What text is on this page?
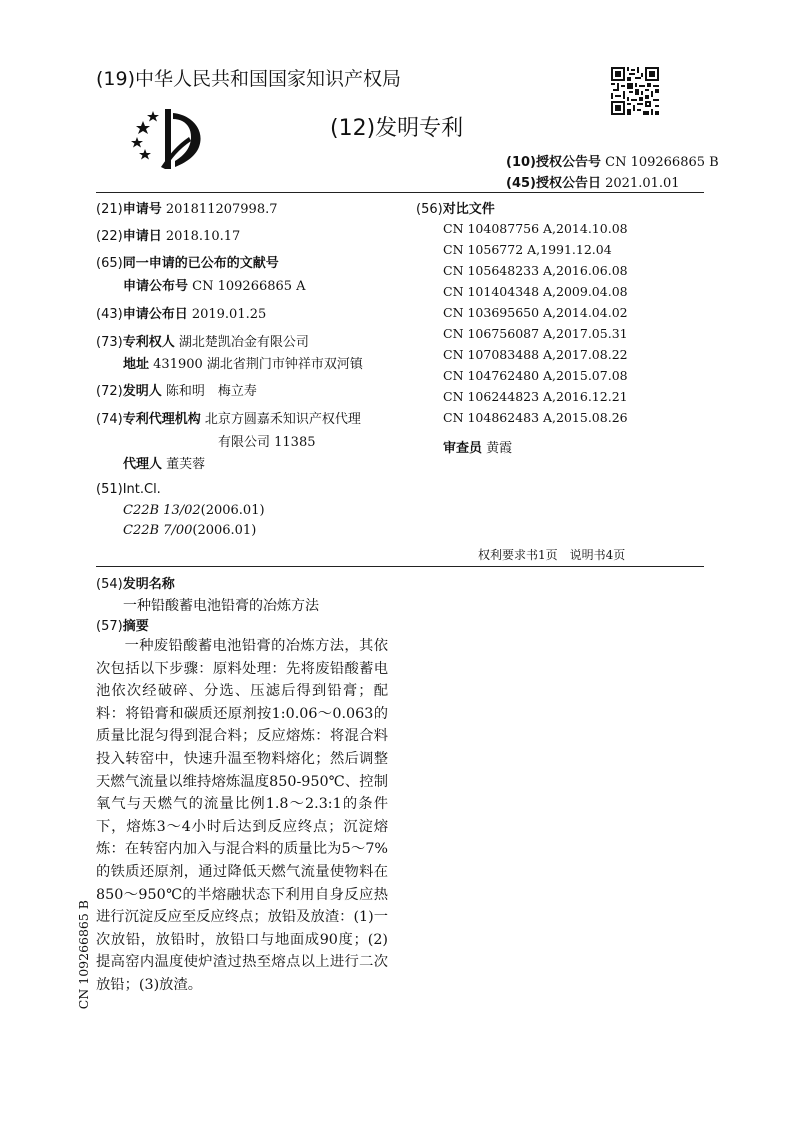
(19)中华人民共和国国家知识产权局
(12)发明专利
(10)授权公告号 CN 109266865 B
(45)授权公告日 2021.01.01
(21)申请号 201811207998.7
(22)申请日 2018.10.17
(65)同一申请的已公布的文献号
申请公布号 CN 109266865 A
(43)申请公布日 2019.01.25
(73)专利权人 湖北楚凯冶金有限公司
地址 431900 湖北省荆门市钟祥市双河镇
(72)发明人 陈和明　梅立寿
(74)专利代理机构 北京方圆嘉禾知识产权代理
有限公司 11385
代理人 董芙蓉
(51)Int.Cl.
C22B 13/02(2006.01)
C22B 7/00(2006.01)
(56)对比文件
CN 104087756 A,2014.10.08
CN 1056772 A,1991.12.04
CN 105648233 A,2016.06.08
CN 101404348 A,2009.04.08
CN 103695650 A,2014.04.02
CN 106756087 A,2017.05.31
CN 107083488 A,2017.08.22
CN 104762480 A,2015.07.08
CN 106244823 A,2016.12.21
CN 104862483 A,2015.08.26
审查员 黄霞
权利要求书1页　说明书4页
(54)发明名称
一种铅酸蓄电池铅膏的冶炼方法
(57)摘要
一种废铅酸蓄电池铅膏的冶炼方法，其依次包括以下步骤：原料处理：先将废铅酸蓄电池依次经破碎、分选、压滤后得到铅膏；配料：将铅膏和碳质还原剂按1:0.06～0.063的质量比混匀得到混合料；反应熔炼：将混合料投入转窑中，快速升温至物料熔化；然后调整天燃气流量以维持熔炼温度850-950℃、控制氧气与天燃气的流量比例1.8～2.3:1的条件下，熔炼3～4小时后达到反应终点；沉淀熔炼：在转窑内加入与混合料的质量比为5～7%的铁质还原剂，通过降低天燃气流量使物料在850～950℃的半熔融状态下利用自身反应热进行沉淀反应至反应终点；放铅及放渣：(1)一次放铅，放铅时，放铅口与地面成90度；(2)提高窑内温度使炉渣过热至熔点以上进行二次放铅；(3)放渣。
CN 109266865 B
